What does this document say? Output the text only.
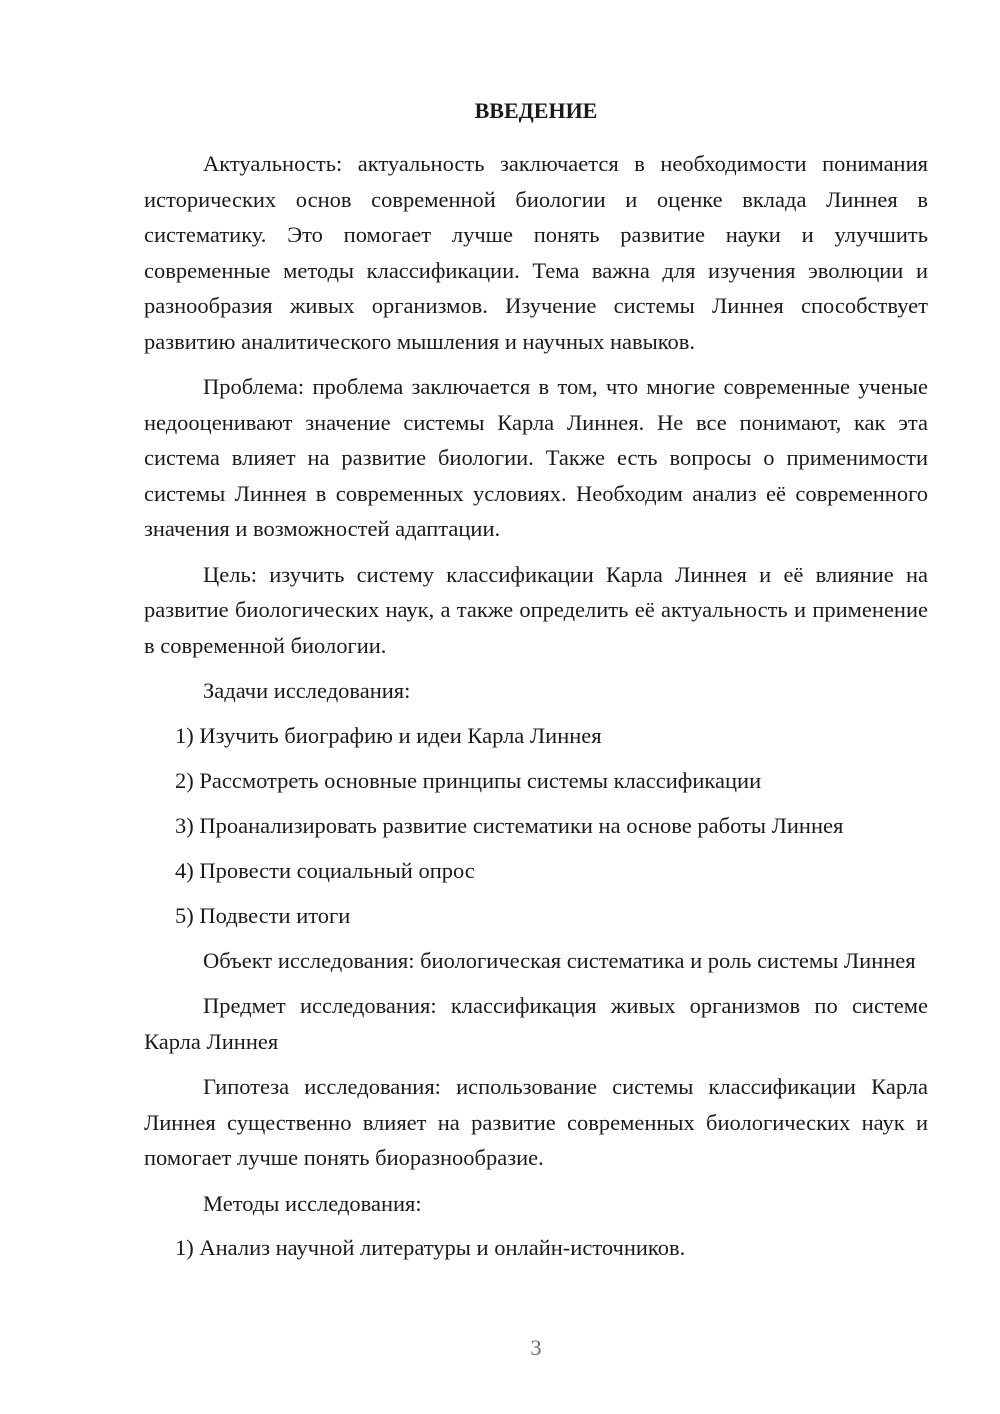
ВВЕДЕНИЕ

Актуальность: актуальность заключается в необходимости понимания исторических основ современной биологии и оценке вклада Линнея в систематику. Это помогает лучше понять развитие науки и улучшить современные методы классификации. Тема важна для изучения эволюции и разнообразия живых организмов. Изучение системы Линнея способствует развитию аналитического мышления и научных навыков.

Проблема: проблема заключается в том, что многие современные ученые недооценивают значение системы Карла Линнея. Не все понимают, как эта система влияет на развитие биологии. Также есть вопросы о применимости системы Линнея в современных условиях. Необходим анализ её современного значения и возможностей адаптации.

Цель: изучить систему классификации Карла Линнея и её влияние на развитие биологических наук, а также определить её актуальность и применение в современной биологии.

Задачи исследования:
1) Изучить биографию и идеи Карла Линнея
2) Рассмотреть основные принципы системы классификации
3) Проанализировать развитие систематики на основе работы Линнея
4) Провести социальный опрос
5) Подвести итоги

Объект исследования: биологическая систематика и роль системы Линнея

Предмет исследования: классификация живых организмов по системе Карла Линнея

Гипотеза исследования: использование системы классификации Карла Линнея существенно влияет на развитие современных биологических наук и помогает лучше понять биоразнообразие.

Методы исследования:
1) Анализ научной литературы и онлайн-источников.
3
